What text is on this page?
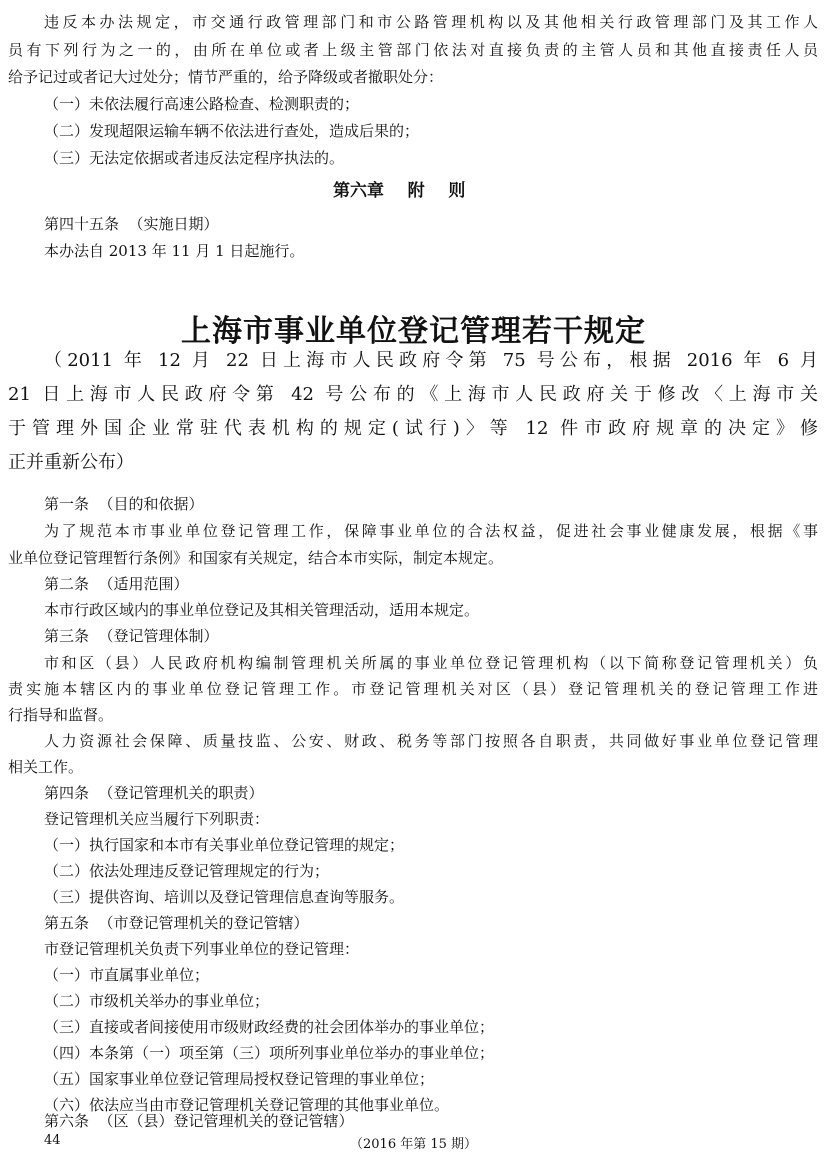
违反本办法规定，市交通行政管理部门和市公路管理机构以及其他相关行政管理部门及其工作人
员有下列行为之一的，由所在单位或者上级主管部门依法对直接负责的主管人员和其他直接责任人员
给予记过或者记大过处分；情节严重的，给予降级或者撤职处分：
（一）未依法履行高速公路检查、检测职责的；
（二）发现超限运输车辆不依法进行查处，造成后果的；
（三）无法定依据或者违反法定程序执法的。
第六章    附    则
第四十五条  （实施日期）
本办法自 2013 年 11 月 1 日起施行。
上海市事业单位登记管理若干规定
（2011 年 12 月 22 日上海市人民政府令第 75 号公布，根据 2016 年 6 月
21 日上海市人民政府令第 42 号公布的《上海市人民政府关于修改〈上海市关
于管理外国企业常驻代表机构的规定(试行)〉等 12 件市政府规章的决定》修
正并重新公布）
第一条  （目的和依据）
为了规范本市事业单位登记管理工作，保障事业单位的合法权益，促进社会事业健康发展，根据《事
业单位登记管理暂行条例》和国家有关规定，结合本市实际，制定本规定。
第二条  （适用范围）
本市行政区域内的事业单位登记及其相关管理活动，适用本规定。
第三条  （登记管理体制）
市和区（县）人民政府机构编制管理机关所属的事业单位登记管理机构（以下简称登记管理机关）负
责实施本辖区内的事业单位登记管理工作。市登记管理机关对区（县）登记管理机关的登记管理工作进
行指导和监督。
人力资源社会保障、质量技监、公安、财政、税务等部门按照各自职责，共同做好事业单位登记管理
相关工作。
第四条  （登记管理机关的职责）
登记管理机关应当履行下列职责：
（一）执行国家和本市有关事业单位登记管理的规定；
（二）依法处理违反登记管理规定的行为；
（三）提供咨询、培训以及登记管理信息查询等服务。
第五条  （市登记管理机关的登记管辖）
市登记管理机关负责下列事业单位的登记管理：
（一）市直属事业单位；
（二）市级机关举办的事业单位；
（三）直接或者间接使用市级财政经费的社会团体举办的事业单位；
（四）本条第（一）项至第（三）项所列事业单位举办的事业单位；
（五）国家事业单位登记管理局授权登记管理的事业单位；
（六）依法应当由市登记管理机关登记管理的其他事业单位。
第六条  （区（县）登记管理机关的登记管辖）
44	（2016 年第 15 期）
